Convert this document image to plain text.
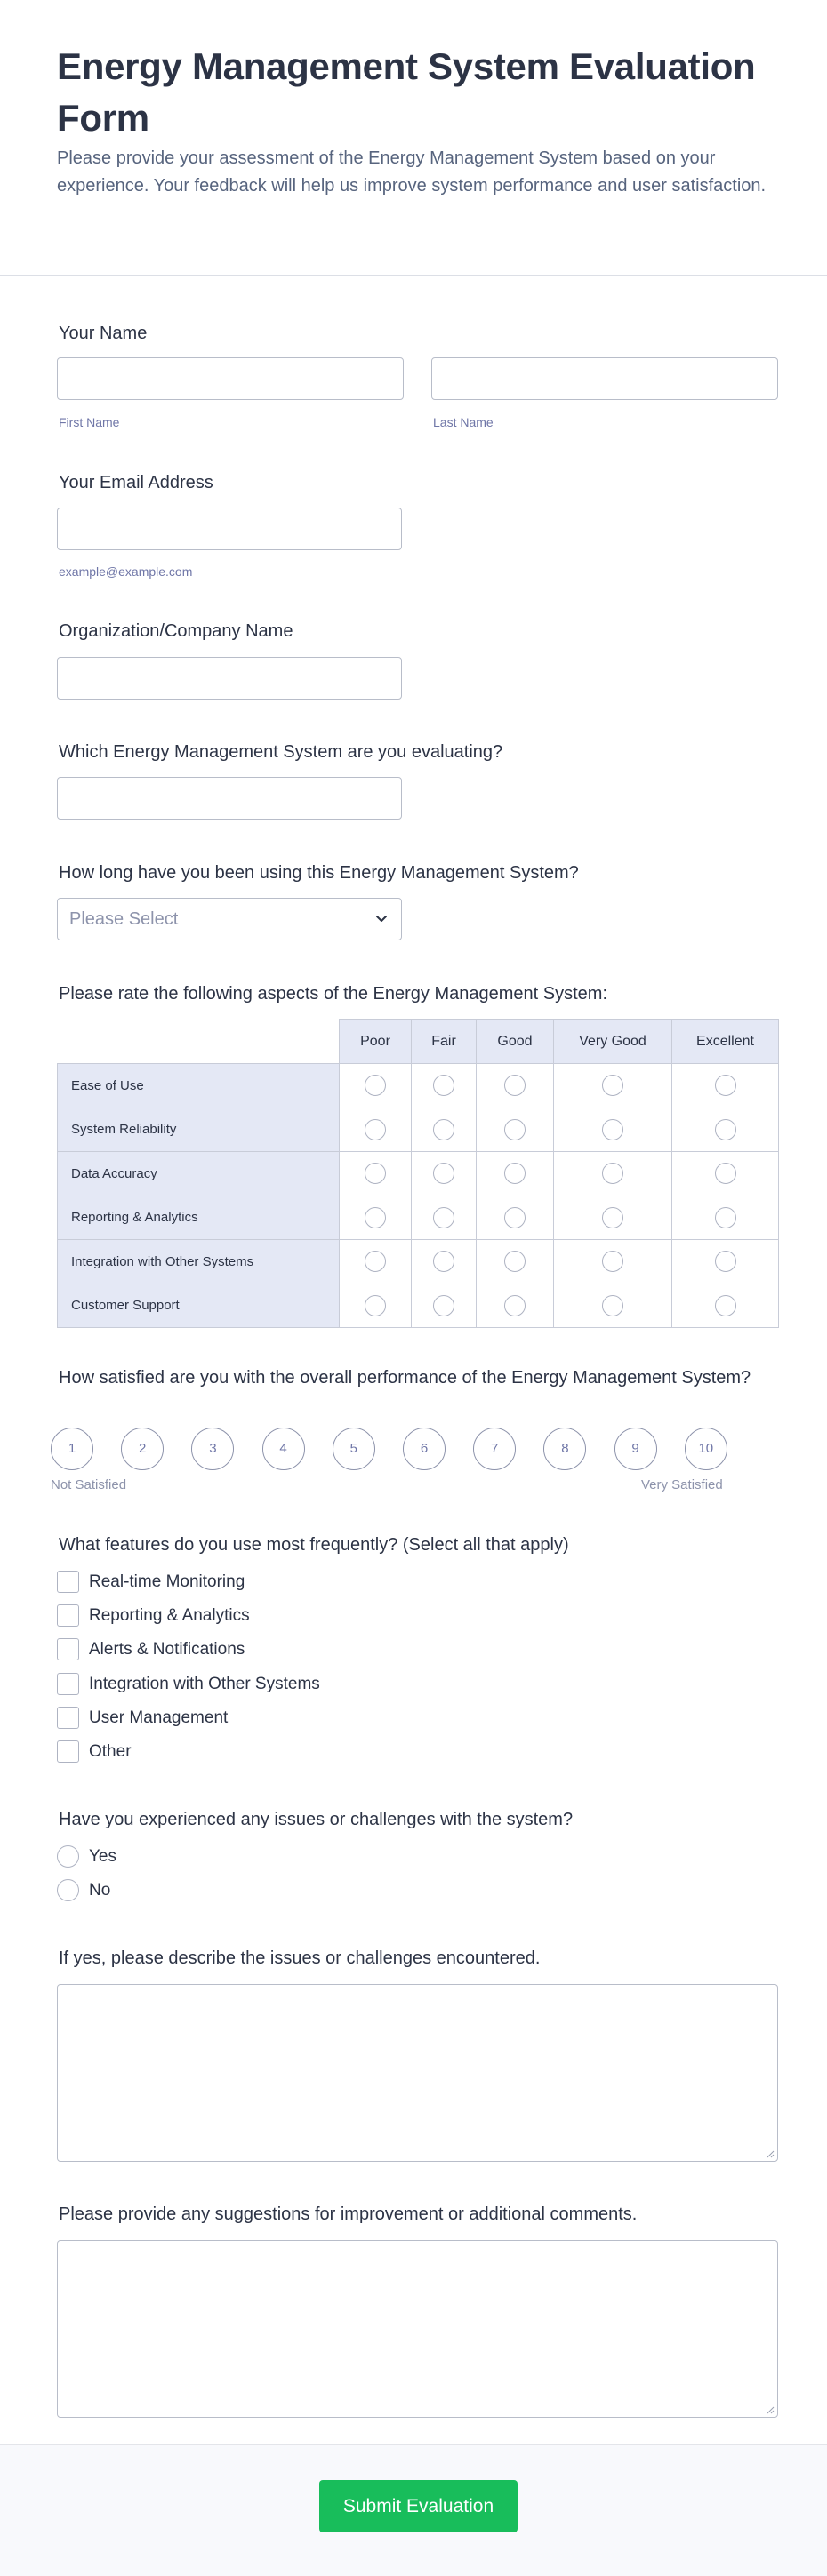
Energy Management System Evaluation Form
Please provide your assessment of the Energy Management System based on your experience. Your feedback will help us improve system performance and user satisfaction.
Your Name
First Name	Last Name
Your Email Address
example@example.com
Organization/Company Name
Which Energy Management System are you evaluating?
How long have you been using this Energy Management System?
Please Select
Please rate the following aspects of the Energy Management System:
	Poor	Fair	Good	Very Good	Excellent
Ease of Use					
System Reliability					
Data Accuracy					
Reporting & Analytics					
Integration with Other Systems					
Customer Support					
How satisfied are you with the overall performance of the Energy Management System?
1	2	3	4	5	6	7	8	9	10
Not Satisfied	Very Satisfied
What features do you use most frequently? (Select all that apply)
Real-time Monitoring
Reporting & Analytics
Alerts & Notifications
Integration with Other Systems
User Management
Other
Have you experienced any issues or challenges with the system?
Yes
No
If yes, please describe the issues or challenges encountered.
Please provide any suggestions for improvement or additional comments.
Submit Evaluation
